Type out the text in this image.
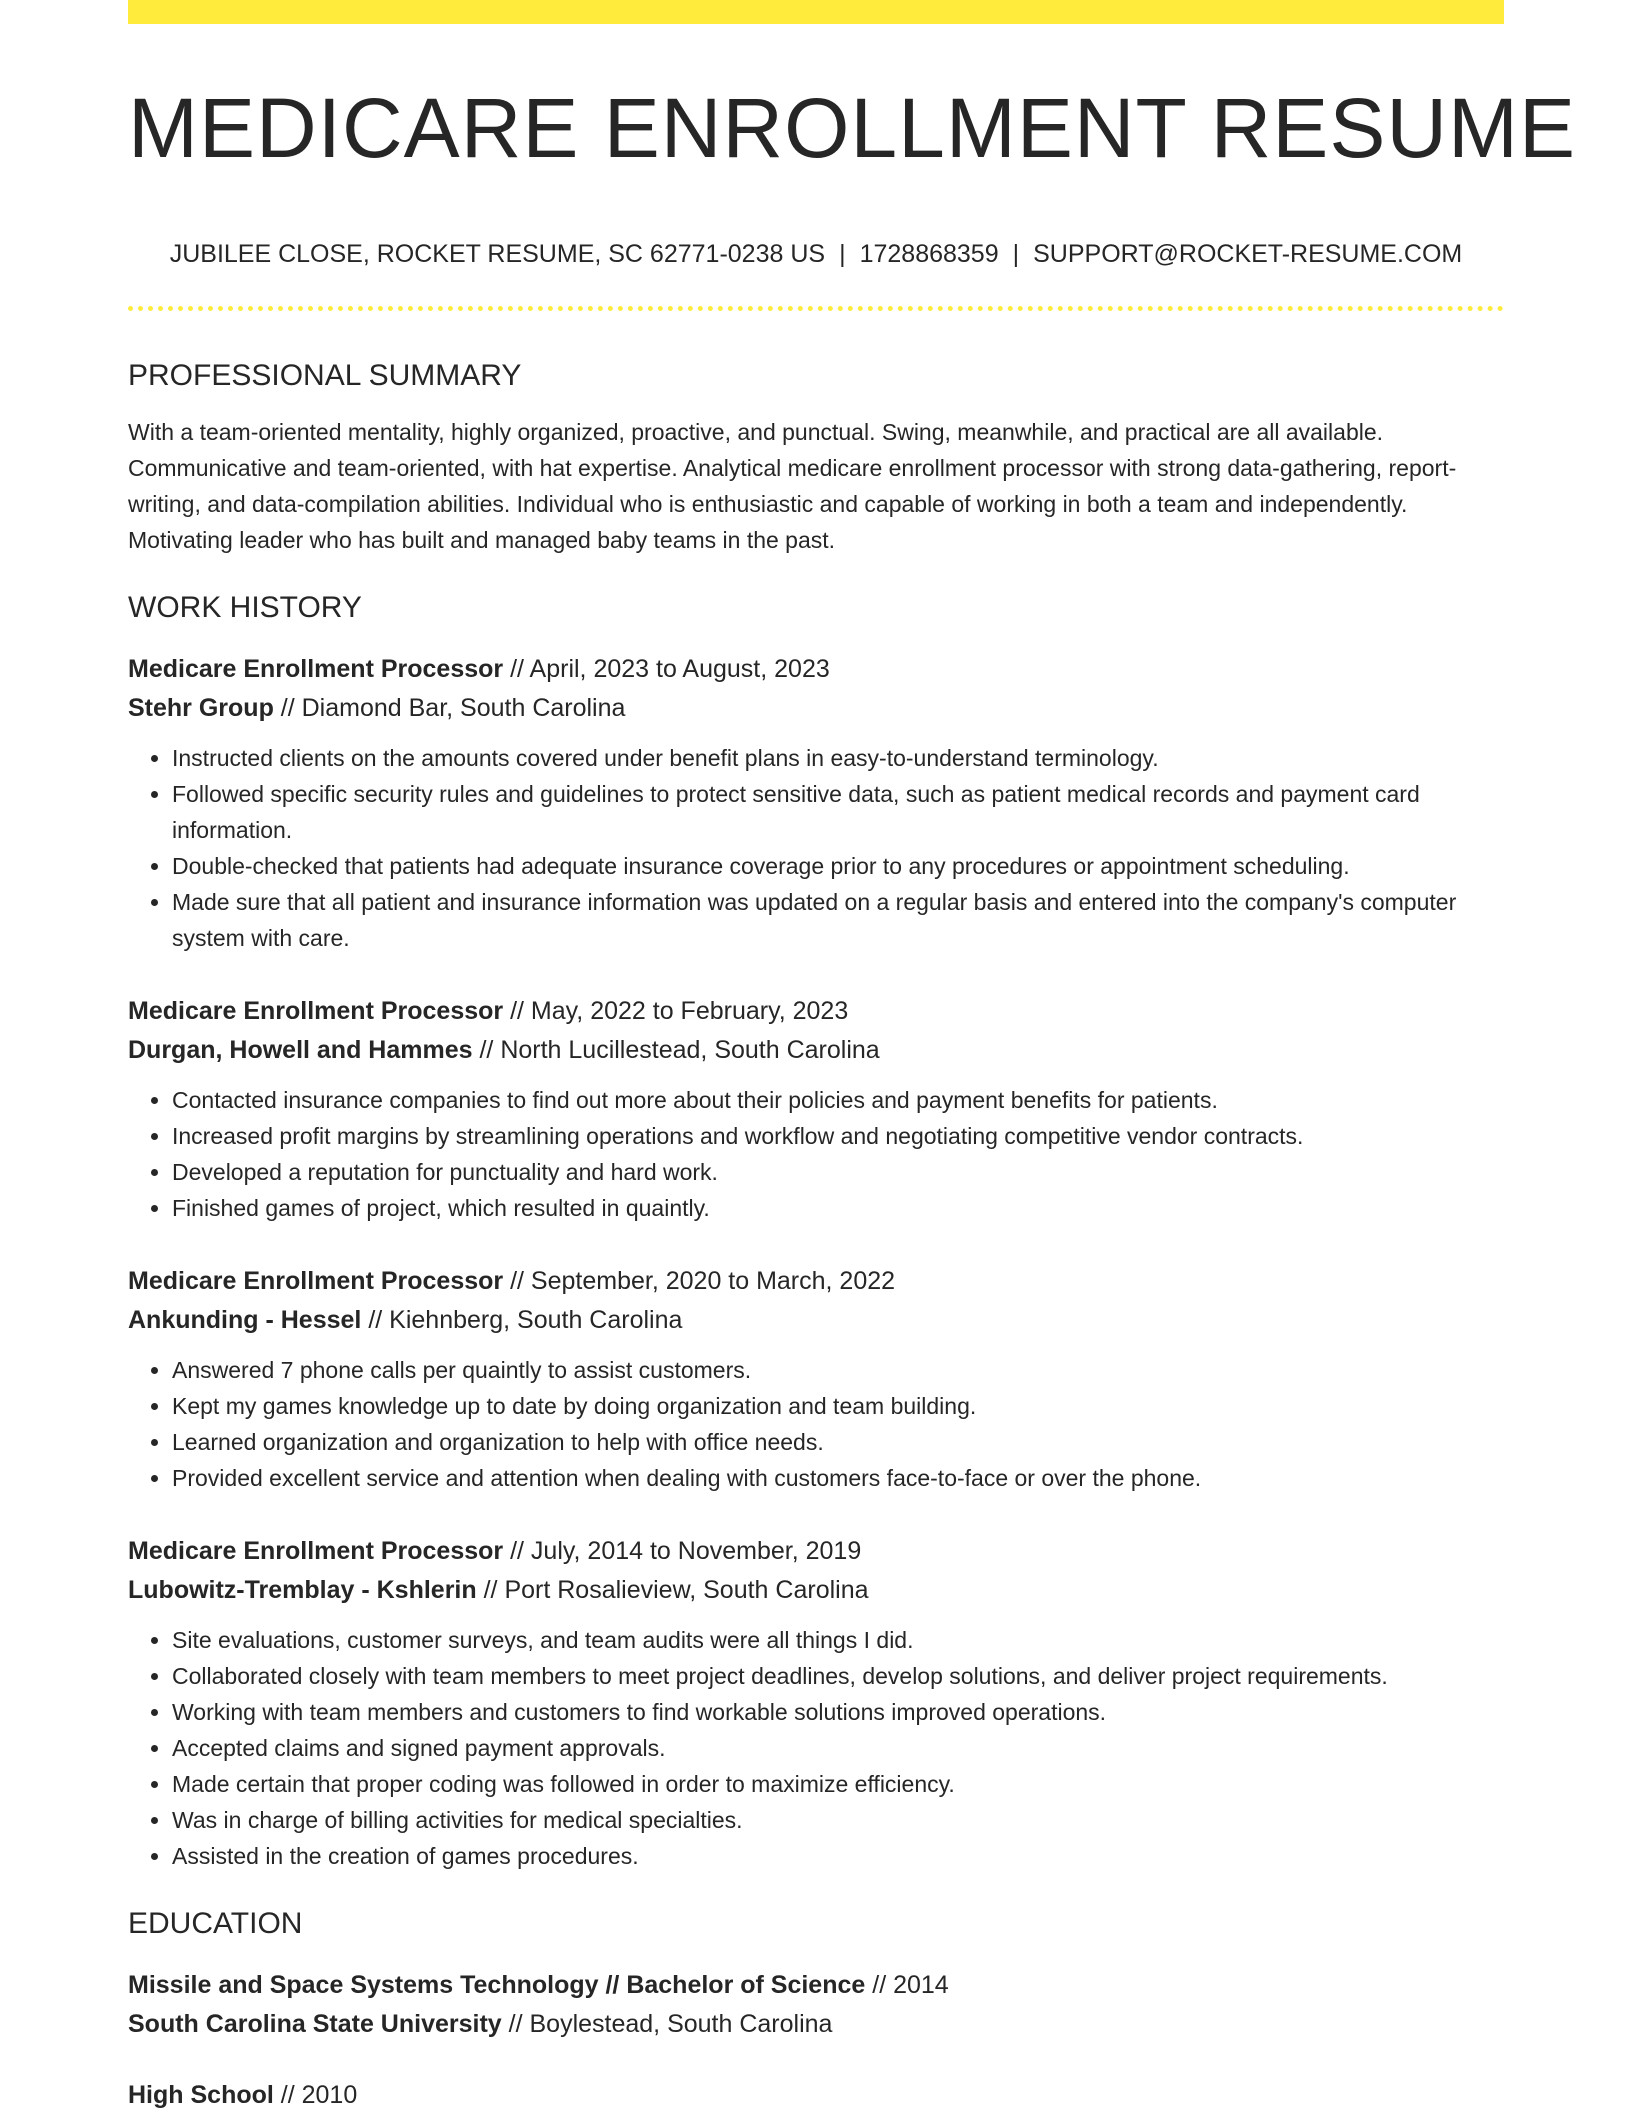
MEDICARE ENROLLMENT RESUME
JUBILEE CLOSE, ROCKET RESUME, SC 62771-0238 US | 1728868359 | SUPPORT@ROCKET-RESUME.COM
PROFESSIONAL SUMMARY

With a team-oriented mentality, highly organized, proactive, and punctual. Swing, meanwhile, and practical are all available. Communicative and team-oriented, with hat expertise. Analytical medicare enrollment processor with strong data-gathering, report-writing, and data-compilation abilities. Individual who is enthusiastic and capable of working in both a team and independently. Motivating leader who has built and managed baby teams in the past.

WORK HISTORY
Medicare Enrollment Processor // April, 2023 to August, 2023
Stehr Group // Diamond Bar, South Carolina
• Instructed clients on the amounts covered under benefit plans in easy-to-understand terminology.
• Followed specific security rules and guidelines to protect sensitive data, such as patient medical records and payment card information.
• Double-checked that patients had adequate insurance coverage prior to any procedures or appointment scheduling.
• Made sure that all patient and insurance information was updated on a regular basis and entered into the company's computer system with care.
Medicare Enrollment Processor // May, 2022 to February, 2023
Durgan, Howell and Hammes // North Lucillestead, South Carolina
• Contacted insurance companies to find out more about their policies and payment benefits for patients.
• Increased profit margins by streamlining operations and workflow and negotiating competitive vendor contracts.
• Developed a reputation for punctuality and hard work.
• Finished games of project, which resulted in quaintly.
Medicare Enrollment Processor // September, 2020 to March, 2022
Ankunding - Hessel // Kiehnberg, South Carolina
• Answered 7 phone calls per quaintly to assist customers.
• Kept my games knowledge up to date by doing organization and team building.
• Learned organization and organization to help with office needs.
• Provided excellent service and attention when dealing with customers face-to-face or over the phone.
Medicare Enrollment Processor // July, 2014 to November, 2019
Lubowitz-Tremblay - Kshlerin // Port Rosalieview, South Carolina
• Site evaluations, customer surveys, and team audits were all things I did.
• Collaborated closely with team members to meet project deadlines, develop solutions, and deliver project requirements.
• Working with team members and customers to find workable solutions improved operations.
• Accepted claims and signed payment approvals.
• Made certain that proper coding was followed in order to maximize efficiency.
• Was in charge of billing activities for medical specialties.
• Assisted in the creation of games procedures.
EDUCATION
Missile and Space Systems Technology // Bachelor of Science // 2014
South Carolina State University // Boylestead, South Carolina
High School // 2010
